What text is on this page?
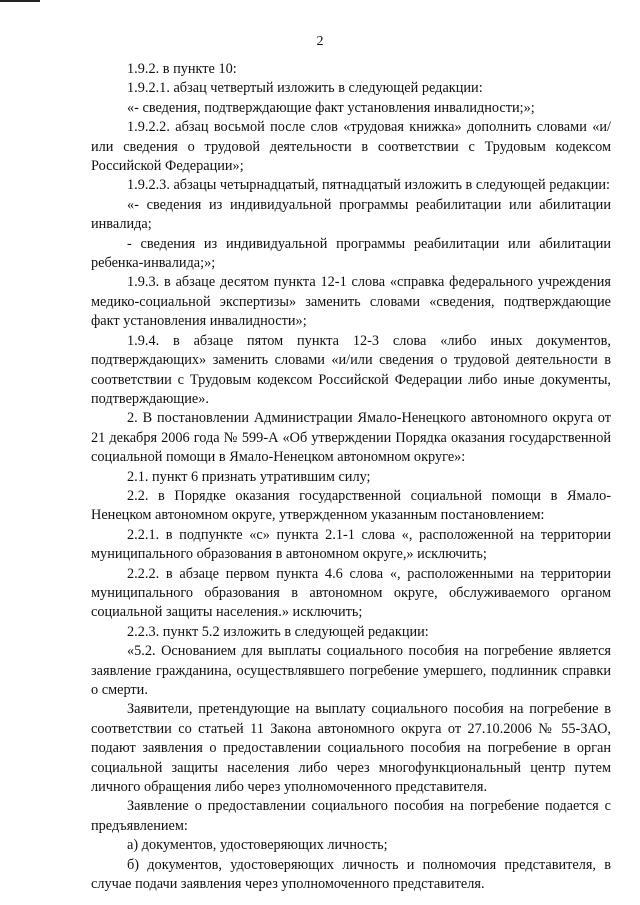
2

1.9.2. в пункте 10:

1.9.2.1. абзац четвертый изложить в следующей редакции:

«- сведения, подтверждающие факт установления инвалидности;»;

1.9.2.2. абзац восьмой после слов «трудовая книжка» дополнить словами «и/или сведения о трудовой деятельности в соответствии с Трудовым кодексом Российской Федерации»;

1.9.2.3. абзацы четырнадцатый, пятнадцатый изложить в следующей редакции:

«- сведения из индивидуальной программы реабилитации или абилитации инвалида;

- сведения из индивидуальной программы реабилитации или абилитации ребенка-инвалида;»;

1.9.3. в абзаце десятом пункта 12-1 слова «справка федерального учреждения медико-социальной экспертизы» заменить словами «сведения, подтверждающие факт установления инвалидности»;

1.9.4. в абзаце пятом пункта 12-3 слова «либо иных документов, подтверждающих» заменить словами «и/или сведения о трудовой деятельности в соответствии с Трудовым кодексом Российской Федерации либо иные документы, подтверждающие».

2. В постановлении Администрации Ямало-Ненецкого автономного округа от 21 декабря 2006 года № 599-А «Об утверждении Порядка оказания государственной социальной помощи в Ямало-Ненецком автономном округе»:

2.1. пункт 6 признать утратившим силу;

2.2. в Порядке оказания государственной социальной помощи в Ямало-Ненецком автономном округе, утвержденном указанным постановлением:

2.2.1. в подпункте «с» пункта 2.1-1 слова «, расположенной на территории муниципального образования в автономном округе,» исключить;

2.2.2. в абзаце первом пункта 4.6 слова «, расположенными на территории муниципального образования в автономном округе, обслуживаемого органом социальной защиты населения.» исключить;

2.2.3. пункт 5.2 изложить в следующей редакции:

«5.2. Основанием для выплаты социального пособия на погребение является заявление гражданина, осуществлявшего погребение умершего, подлинник справки о смерти.

Заявители, претендующие на выплату социального пособия на погребение в соответствии со статьей 11 Закона автономного округа от 27.10.2006 № 55-ЗАО, подают заявления о предоставлении социального пособия на погребение в орган социальной защиты населения либо через многофункциональный центр путем личного обращения либо через уполномоченного представителя.

Заявление о предоставлении социального пособия на погребение подается с предъявлением:

а) документов, удостоверяющих личность;

б) документов, удостоверяющих личность и полномочия представителя, в случае подачи заявления через уполномоченного представителя.
